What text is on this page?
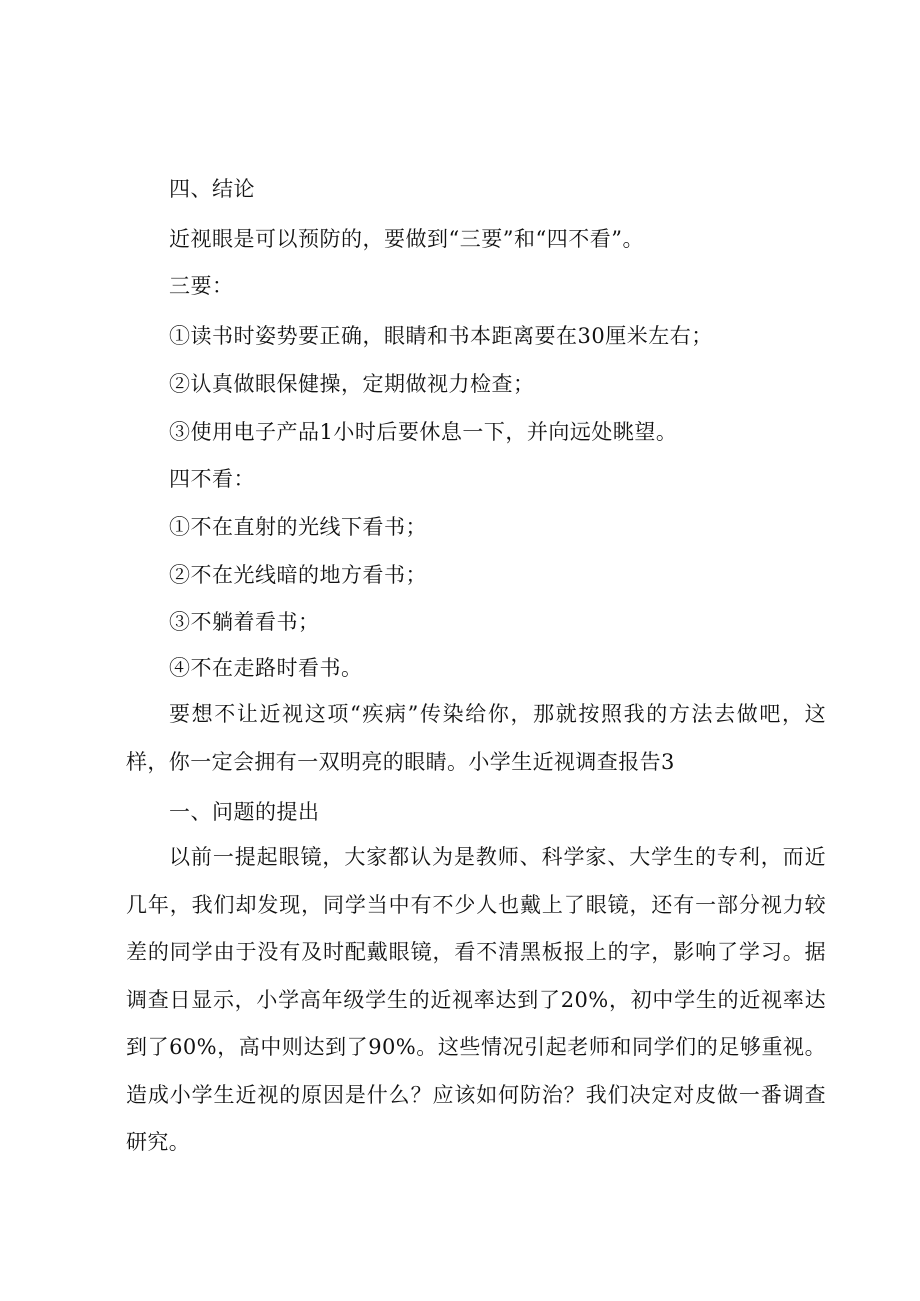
四、结论
近视眼是可以预防的，要做到“三要”和“四不看”。
三要：
①读书时姿势要正确，眼睛和书本距离要在30厘米左右；
②认真做眼保健操，定期做视力检查；
③使用电子产品1小时后要休息一下，并向远处眺望。
四不看：
①不在直射的光线下看书；
②不在光线暗的地方看书；
③不躺着看书；
④不在走路时看书。

要想不让近视这项“疾病”传染给你，那就按照我的方法去做吧，这样，你一定会拥有一双明亮的眼睛。小学生近视调查报告3

一、问题的提出

以前一提起眼镜，大家都认为是教师、科学家、大学生的专利，而近几年，我们却发现，同学当中有不少人也戴上了眼镜，还有一部分视力较差的同学由于没有及时配戴眼镜，看不清黑板报上的字，影响了学习。据调查日显示，小学高年级学生的近视率达到了20%，初中学生的近视率达到了60%，高中则达到了90%。这些情况引起老师和同学们的足够重视。造成小学生近视的原因是什么？应该如何防治？我们决定对皮做一番调查研究。
